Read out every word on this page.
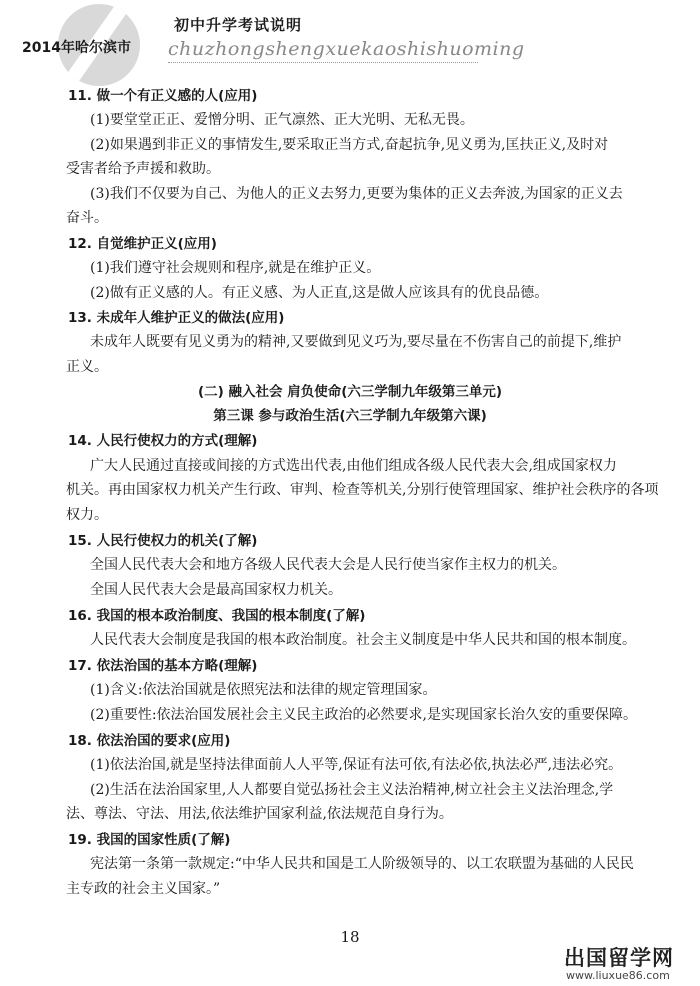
初中升学考试说明
2014年哈尔滨市 chuzhongshengxuekaoshishuoming
11. 做一个有正义感的人(应用)
(1)要堂堂正正、爱憎分明、正气凛然、正大光明、无私无畏。
(2)如果遇到非正义的事情发生,要采取正当方式,奋起抗争,见义勇为,匡扶正义,及时对
受害者给予声援和救助。
(3)我们不仅要为自己、为他人的正义去努力,更要为集体的正义去奔波,为国家的正义去
奋斗。
12. 自觉维护正义(应用)
(1)我们遵守社会规则和程序,就是在维护正义。
(2)做有正义感的人。有正义感、为人正直,这是做人应该具有的优良品德。
13. 未成年人维护正义的做法(应用)
未成年人既要有见义勇为的精神,又要做到见义巧为,要尽量在不伤害自己的前提下,维护
正义。
(二) 融入社会 肩负使命(六三学制九年级第三单元)
第三课 参与政治生活(六三学制九年级第六课)
14. 人民行使权力的方式(理解)
广大人民通过直接或间接的方式选出代表,由他们组成各级人民代表大会,组成国家权力
机关。再由国家权力机关产生行政、审判、检查等机关,分别行使管理国家、维护社会秩序的各项
权力。
15. 人民行使权力的机关(了解)
全国人民代表大会和地方各级人民代表大会是人民行使当家作主权力的机关。
全国人民代表大会是最高国家权力机关。
16. 我国的根本政治制度、我国的根本制度(了解)
人民代表大会制度是我国的根本政治制度。社会主义制度是中华人民共和国的根本制度。
17. 依法治国的基本方略(理解)
(1)含义:依法治国就是依照宪法和法律的规定管理国家。
(2)重要性:依法治国发展社会主义民主政治的必然要求,是实现国家长治久安的重要保障。
18. 依法治国的要求(应用)
(1)依法治国,就是坚持法律面前人人平等,保证有法可依,有法必依,执法必严,违法必究。
(2)生活在法治国家里,人人都要自觉弘扬社会主义法治精神,树立社会主义法治理念,学
法、尊法、守法、用法,依法维护国家利益,依法规范自身行为。
19. 我国的国家性质(了解)
宪法第一条第一款规定:“中华人民共和国是工人阶级领导的、以工农联盟为基础的人民民
主专政的社会主义国家。”
18
出国留学网
www.liuxue86.com
